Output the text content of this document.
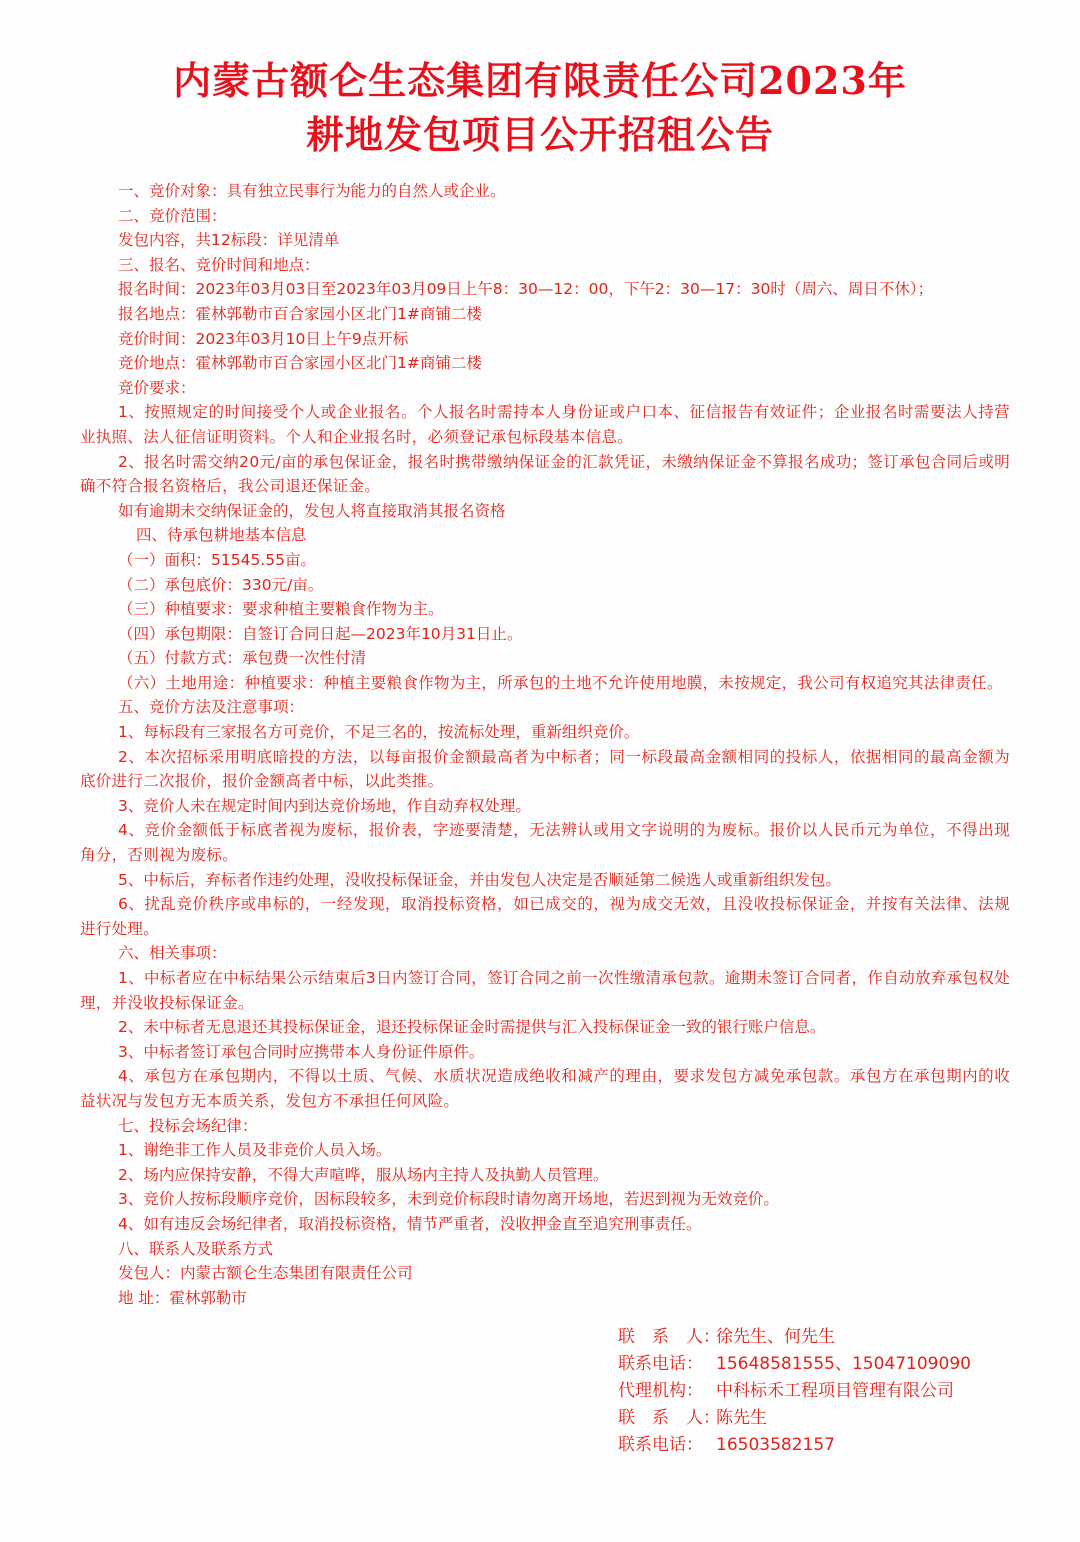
内蒙古额仑生态集团有限责任公司2023年
耕地发包项目公开招租公告

一、竞价对象：具有独立民事行为能力的自然人或企业。

二、竞价范围：

发包内容，共12标段：详见清单

三、报名、竞价时间和地点：

报名时间：2023年03月03日至2023年03月09日上午8：30—12：00，下午2：30—17：30时（周六、周日不休）；

报名地点：霍林郭勒市百合家园小区北门1#商铺二楼

竞价时间：2023年03月10日上午9点开标

竞价地点：霍林郭勒市百合家园小区北门1#商铺二楼

竞价要求：

1、按照规定的时间接受个人或企业报名。个人报名时需持本人身份证或户口本、征信报告有效证件；企业报名时需要法人持营业执照、法人征信证明资料。个人和企业报名时，必须登记承包标段基本信息。

2、报名时需交纳20元/亩的承包保证金，报名时携带缴纳保证金的汇款凭证，未缴纳保证金不算报名成功；签订承包合同后或明确不符合报名资格后，我公司退还保证金。

如有逾期未交纳保证金的，发包人将直接取消其报名资格

四、待承包耕地基本信息

（一）面积：51545.55亩。

（二）承包底价：330元/亩。

（三）种植要求：要求种植主要粮食作物为主。

（四）承包期限：自签订合同日起—2023年10月31日止。

（五）付款方式：承包费一次性付清

（六）土地用途：种植要求：种植主要粮食作物为主，所承包的土地不允许使用地膜，未按规定，我公司有权追究其法律责任。

五、竞价方法及注意事项：

1、每标段有三家报名方可竞价，不足三名的，按流标处理，重新组织竞价。

2、本次招标采用明底暗投的方法，以每亩报价金额最高者为中标者；同一标段最高金额相同的投标人，依据相同的最高金额为底价进行二次报价，报价金额高者中标，以此类推。

3、竞价人未在规定时间内到达竞价场地，作自动弃权处理。

4、竞价金额低于标底者视为废标，报价表，字迹要清楚，无法辨认或用文字说明的为废标。报价以人民币元为单位，不得出现角分，否则视为废标。

5、中标后，弃标者作违约处理，没收投标保证金，并由发包人决定是否顺延第二候选人或重新组织发包。

6、扰乱竞价秩序或串标的，一经发现，取消投标资格，如已成交的，视为成交无效，且没收投标保证金，并按有关法律、法规进行处理。

六、相关事项：

1、中标者应在中标结果公示结束后3日内签订合同，签订合同之前一次性缴清承包款。逾期未签订合同者，作自动放弃承包权处理，并没收投标保证金。

2、未中标者无息退还其投标保证金，退还投标保证金时需提供与汇入投标保证金一致的银行账户信息。

3、中标者签订承包合同时应携带本人身份证件原件。

4、承包方在承包期内，不得以土质、气候、水质状况造成绝收和减产的理由，要求发包方减免承包款。承包方在承包期内的收益状况与发包方无本质关系，发包方不承担任何风险。

七、投标会场纪律：

1、谢绝非工作人员及非竞价人员入场。

2、场内应保持安静，不得大声喧哗，服从场内主持人及执勤人员管理。

3、竞价人按标段顺序竞价，因标段较多，未到竞价标段时请勿离开场地，若迟到视为无效竞价。

4、如有违反会场纪律者，取消投标资格，情节严重者，没收押金直至追究刑事责任。

八、联系人及联系方式

发包人：内蒙古额仑生态集团有限责任公司

地 址：霍林郭勒市

联　系　人：徐先生、何先生

联系电话： 15648581555、15047109090

代理机构： 中科标禾工程项目管理有限公司

联　系　人：陈先生

联系电话： 16503582157
